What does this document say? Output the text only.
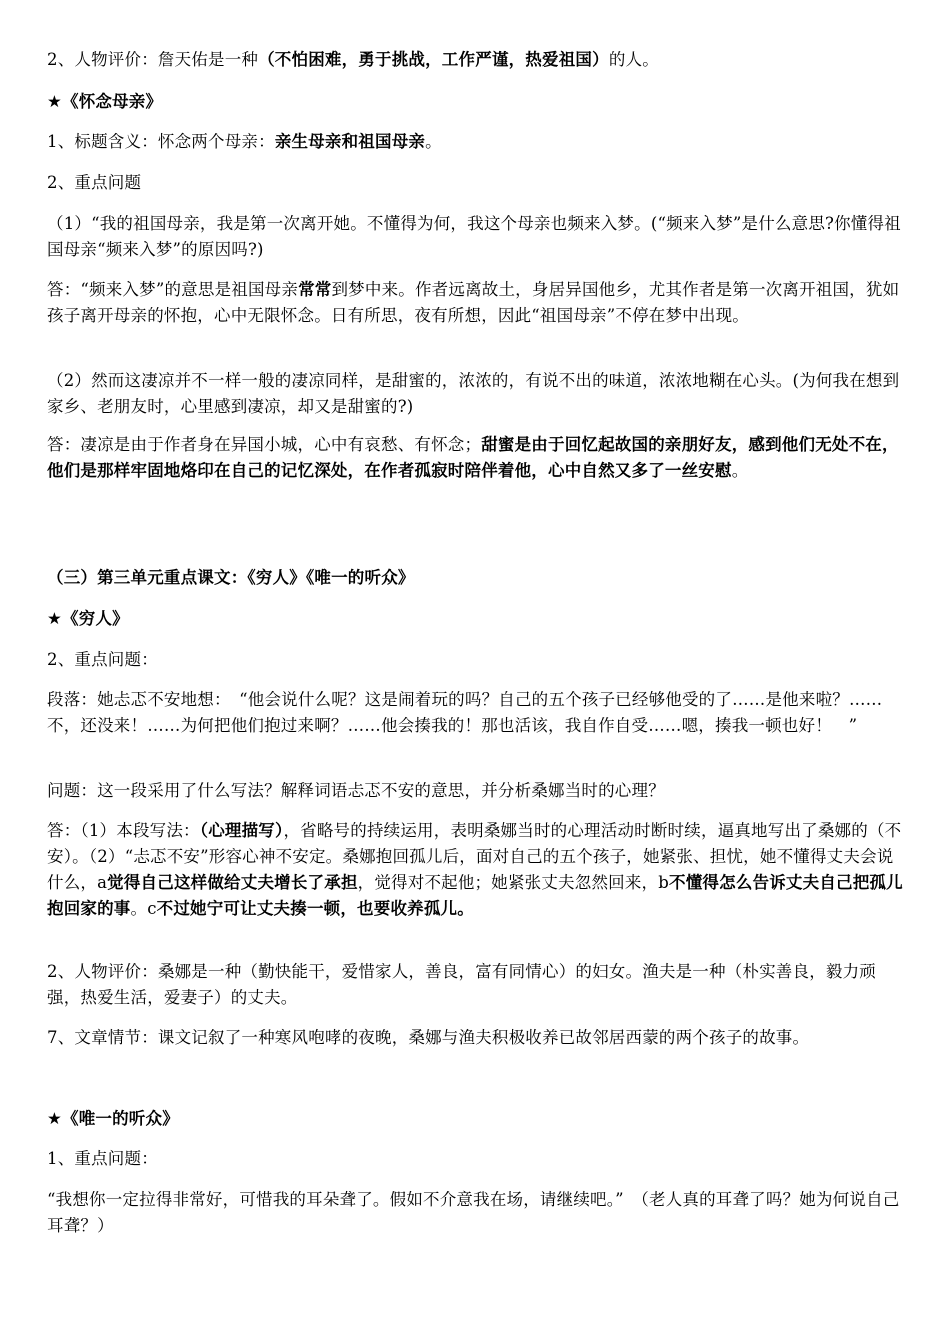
2、人物评价：詹天佑是一种（不怕困难，勇于挑战，工作严谨，热爱祖国）的人。

★《怀念母亲》

1、标题含义：怀念两个母亲：亲生母亲和祖国母亲。

2、重点问题

（1）“我的祖国母亲，我是第一次离开她。不懂得为何，我这个母亲也频来入梦。(“频来入梦”是什么意思?你懂得祖国母亲“频来入梦”的原因吗?)

答：“频来入梦”的意思是祖国母亲常常到梦中来。作者远离故土，身居异国他乡，尤其作者是第一次离开祖国，犹如孩子离开母亲的怀抱，心中无限怀念。日有所思，夜有所想，因此“祖国母亲”不停在梦中出现。

（2）然而这凄凉并不一样一般的凄凉同样，是甜蜜的，浓浓的，有说不出的味道，浓浓地糊在心头。(为何我在想到家乡、老朋友时，心里感到凄凉，却又是甜蜜的?)

答：凄凉是由于作者身在异国小城，心中有哀愁、有怀念；甜蜜是由于回忆起故国的亲朋好友，感到他们无处不在，他们是那样牢固地烙印在自己的记忆深处，在作者孤寂时陪伴着他，心中自然又多了一丝安慰。

（三）第三单元重点课文：《穷人》《唯一的听众》

★《穷人》

2、重点问题：

段落：她忐忑不安地想：　“他会说什么呢？这是闹着玩的吗？自己的五个孩子已经够他受的了……是他来啦？……不，还没来！……为何把他们抱过来啊？……他会揍我的！那也活该，我自作自受……嗯，揍我一顿也好！　”

问题：这一段采用了什么写法？解释词语忐忑不安的意思，并分析桑娜当时的心理？

答：（1）本段写法：（心理描写），省略号的持续运用，表明桑娜当时的心理活动时断时续，逼真地写出了桑娜的（不安）。（2）“忐忑不安”形容心神不安定。桑娜抱回孤儿后，面对自己的五个孩子，她紧张、担忧，她不懂得丈夫会说什么，a觉得自己这样做给丈夫增长了承担，觉得对不起他；她紧张丈夫忽然回来，b不懂得怎么告诉丈夫自己把孤儿抱回家的事。c不过她宁可让丈夫揍一顿，也要收养孤儿。

2、人物评价：桑娜是一种（勤快能干，爱惜家人，善良，富有同情心）的妇女。渔夫是一种（朴实善良，毅力顽强，热爱生活，爱妻子）的丈夫。

7、文章情节：课文记叙了一种寒风咆哮的夜晚，桑娜与渔夫积极收养已故邻居西蒙的两个孩子的故事。

★《唯一的听众》

1、重点问题：

“我想你一定拉得非常好，可惜我的耳朵聋了。假如不介意我在场，请继续吧。”　（老人真的耳聋了吗？她为何说自己耳聋？）
